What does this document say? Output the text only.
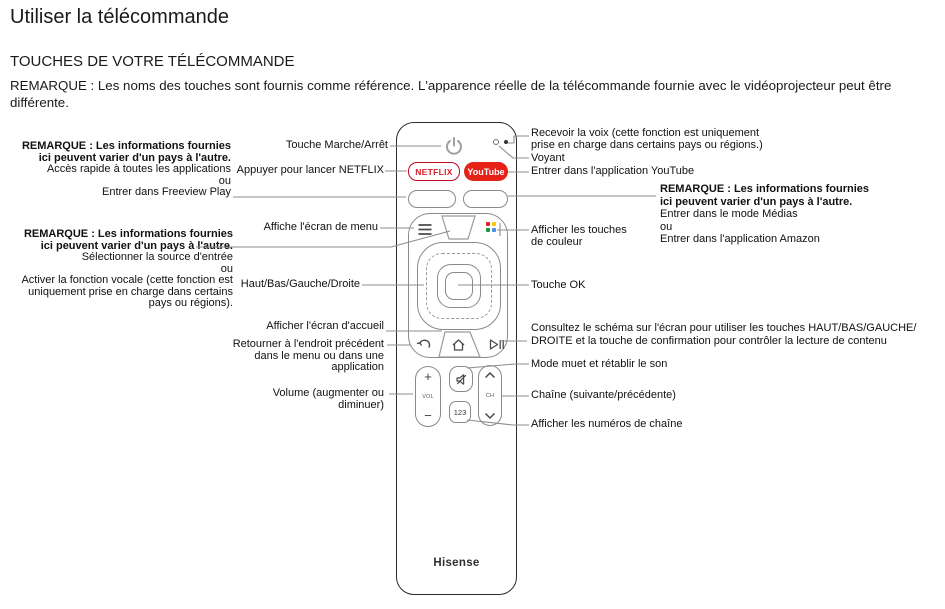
Utiliser la télécommande
TOUCHES DE VOTRE TÉLÉCOMMANDE
REMARQUE : Les noms des touches sont fournis comme référence. L'apparence réelle de la télécommande fournie avec le vidéoprojecteur peut être différente.
NETFLIX	YouTube
+
VOL
−
CH
123
Hisense
Touche Marche/Arrêt
REMARQUE : Les informations fournies
ici peuvent varier d'un pays à l'autre.
Accès rapide à toutes les applications
ou
Entrer dans Freeview Play
Appuyer pour lancer NETFLIX
Affiche l'écran de menu
REMARQUE : Les informations fournies
ici peuvent varier d'un pays à l'autre.
Sélectionner la source d'entrée
ou
Activer la fonction vocale (cette fonction est
uniquement prise en charge dans certains
pays ou régions).
Haut/Bas/Gauche/Droite
Afficher l'écran d'accueil
Retourner à l'endroit précédent
dans le menu ou dans une
application
Volume (augmenter ou
diminuer)
Recevoir la voix (cette fonction est uniquement
prise en charge dans certains pays ou régions.)
Voyant
Entrer dans l'application YouTube
REMARQUE : Les informations fournies
ici peuvent varier d'un pays à l'autre.
Entrer dans le mode Médias
ou
Entrer dans l'application Amazon
Afficher les touches
de couleur
Touche OK
Consultez le schéma sur l'écran pour utiliser les touches HAUT/BAS/GAUCHE/
DROITE et la touche de confirmation pour contrôler la lecture de contenu
Mode muet et rétablir le son
Chaîne (suivante/précédente)
Afficher les numéros de chaîne
